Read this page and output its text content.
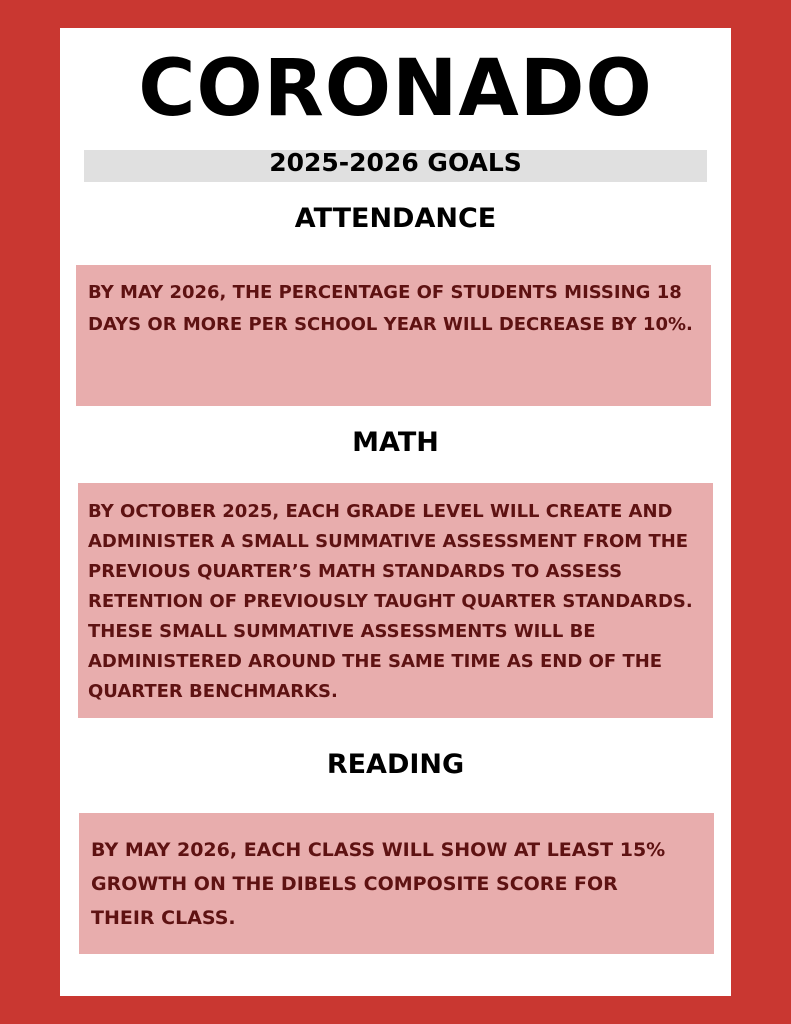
CORONADO
2025-2026 GOALS
ATTENDANCE

BY MAY 2026, THE PERCENTAGE OF STUDENTS MISSING 18 DAYS OR MORE PER SCHOOL YEAR WILL DECREASE BY 10%.

MATH

BY OCTOBER 2025, EACH GRADE LEVEL WILL CREATE AND ADMINISTER A SMALL SUMMATIVE ASSESSMENT FROM THE PREVIOUS QUARTER’S MATH STANDARDS TO ASSESS RETENTION OF PREVIOUSLY TAUGHT QUARTER STANDARDS. THESE SMALL SUMMATIVE ASSESSMENTS WILL BE ADMINISTERED AROUND THE SAME TIME AS END OF THE QUARTER BENCHMARKS.

READING

BY MAY 2026, EACH CLASS WILL SHOW AT LEAST 15% GROWTH ON THE DIBELS COMPOSITE SCORE FOR THEIR CLASS.
